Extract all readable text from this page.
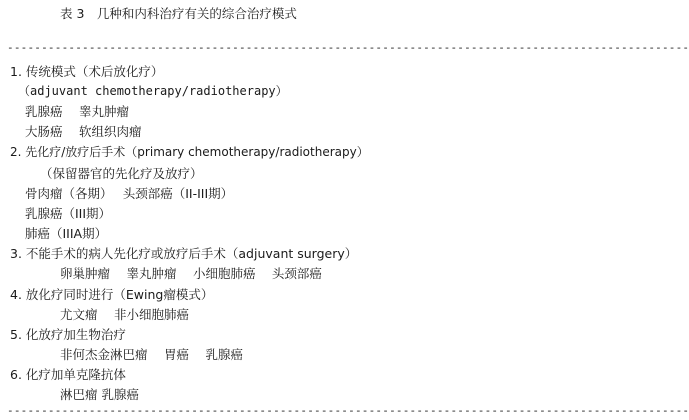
表 3　几种和内科治疗有关的综合治疗模式
----------------------------------------------------------------------------------------------------
1. 传统模式（术后放化疗）
（adjuvant chemotherapy/radiotherapy）
乳腺癌　 睾丸肿瘤
大肠癌　 软组织肉瘤
2. 先化疗/放疗后手术（primary chemotherapy/radiotherapy）
（保留器官的先化疗及放疗）
骨肉瘤（各期）　 头颈部癌（II-III期）
乳腺癌（III期）
肺癌（IIIA期）
3. 不能手术的病人先化疗或放疗后手术（adjuvant surgery）
卵巢肿瘤　 睾丸肿瘤　 小细胞肺癌　 头颈部癌
4. 放化疗同时进行（Ewing瘤模式）
尤文瘤　 非小细胞肺癌
5. 化放疗加生物治疗
非何杰金淋巴瘤　 胃癌　 乳腺癌
6. 化疗加单克隆抗体
淋巴瘤 乳腺癌
----------------------------------------------------------------------------------------------------
